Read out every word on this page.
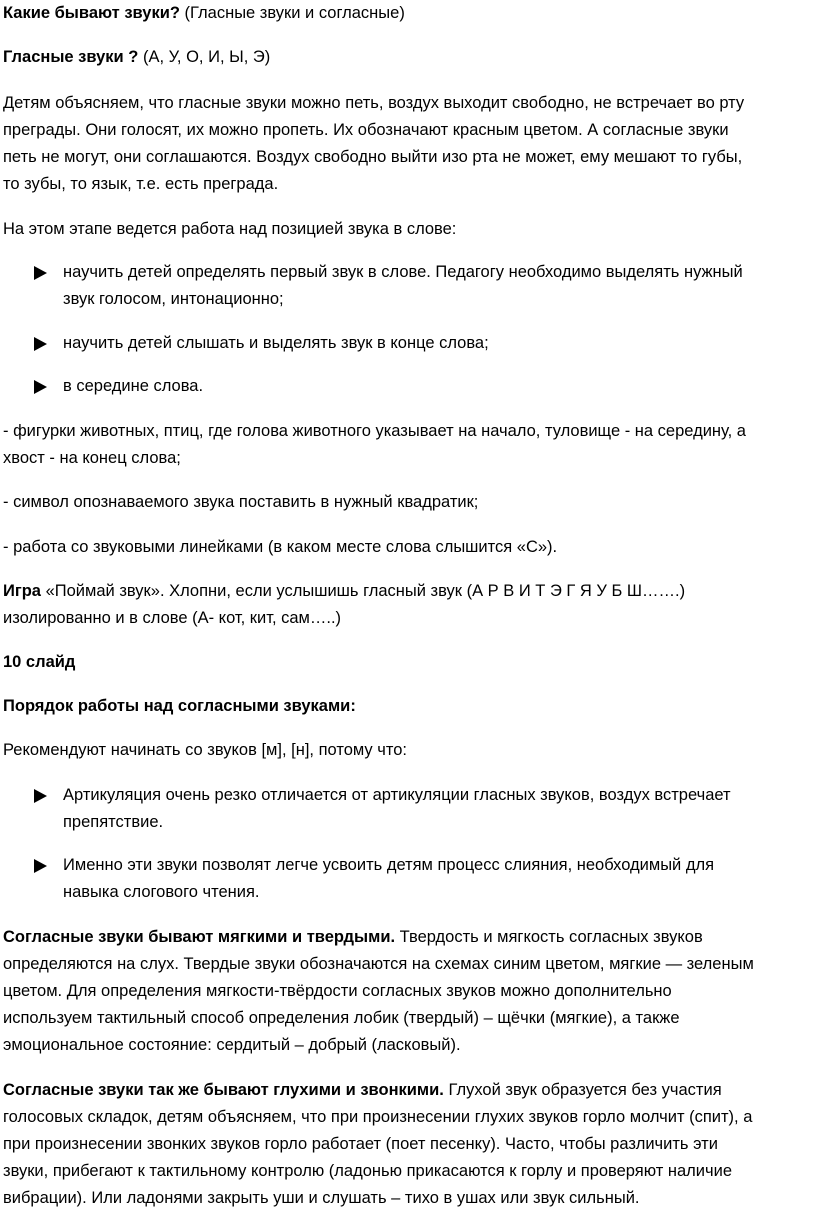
Какие бывают звуки? (Гласные звуки и согласные)

Гласные звуки ? (А, У, О, И, Ы, Э)

Детям объясняем, что гласные звуки можно петь, воздух выходит свободно, не встречает во рту
преграды. Они голосят, их можно пропеть. Их обозначают красным цветом. А согласные звуки
петь не могут, они соглашаются. Воздух свободно выйти изо рта не может, ему мешают то губы,
то зубы, то язык, т.е. есть преграда.

На этом этапе ведется работа над позицией звука в слове:

научить детей определять первый звук в слове. Педагогу необходимо выделять нужный
звук голосом, интонационно;
научить детей слышать и выделять звук в конце слова;
в середине слова.
- фигурки животных, птиц, где голова животного указывает на начало, туловище - на середину, а
хвост - на конец слова;

- символ опознаваемого звука поставить в нужный квадратик;

- работа со звуковыми линейками (в каком месте слова слышится «С»).

Игра «Поймай звук». Хлопни, если услышишь гласный звук (А Р В И Т Э Г Я У Б Ш…….)
изолированно и в слове (А- кот, кит, сам…..)

10 слайд

Порядок работы над согласными звуками:

Рекомендуют начинать со звуков [м], [н], потому что:

Артикуляция очень резко отличается от артикуляции гласных звуков, воздух встречает
препятствие.
Именно эти звуки позволят легче усвоить детям процесс слияния, необходимый для
навыка слогового чтения.
Согласные звуки бывают мягкими и твердыми. Твердость и мягкость согласных звуков
определяются на слух. Твердые звуки обозначаются на схемах синим цветом, мягкие — зеленым
цветом. Для определения мягкости-твёрдости согласных звуков можно дополнительно
используем тактильный способ определения лобик (твердый) – щёчки (мягкие), а также
эмоциональное состояние: сердитый – добрый (ласковый).
Согласные звуки так же бывают глухими и звонкими. Глухой звук образуется без участия
голосовых складок, детям объясняем, что при произнесении глухих звуков горло молчит (спит), а
при произнесении звонких звуков горло работает (поет песенку). Часто, чтобы различить эти
звуки, прибегают к тактильному контролю (ладонью прикасаются к горлу и проверяют наличие
вибрации). Или ладонями закрыть уши и слушать – тихо в ушах или звук сильный.
